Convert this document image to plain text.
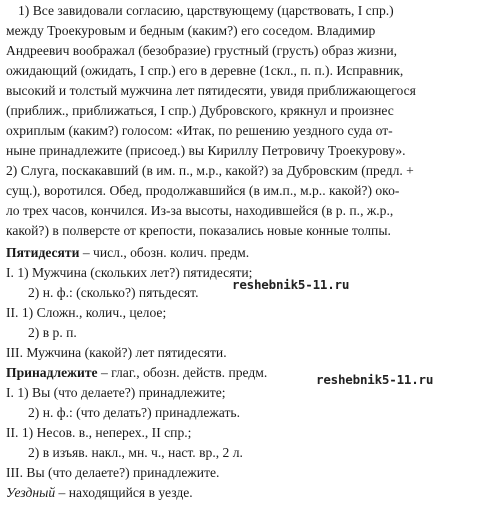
1) Все завидовали согласию, царствующему (царствовать, I спр.)
между Троекуровым и бедным (каким?) его соседом. Владимир
Андреевич воображал (безобразие) грустный (грусть) образ жизни,
ожидающий (ожидать, I спр.) его в деревне (1скл., п. п.). Исправник,
высокий и толстый мужчина лет пятидесяти, увидя приближающегося
(приближ., приближаться, I спр.) Дубровского, крякнул и произнес
охриплым (каким?) голосом: «Итак, по решению уездного суда от-
ныне принадлежите (присоед.) вы Кириллу Петровичу Троекурову».
2) Слуга, поскакавший (в им. п., м.р., какой?) за Дубровским (предл. +
сущ.), воротился. Обед, продолжавшийся (в им.п., м.р.. какой?) око-
ло трех часов, кончился. Из-за высоты, находившейся (в р. п., ж.р.,
какой?) в полверсте от крепости, показались новые конные толпы.
Пятидесяти – числ., обозн. колич. предм.
I. 1) Мужчина (скольких лет?) пятидесяти;
2) н. ф.: (сколько?) пятьдесят.
II. 1) Сложн., колич., целое;
2) в р. п.
III. Мужчина (какой?) лет пятидесяти.
Принадлежите – глаг., обозн. действ. предм.
I. 1) Вы (что делаете?) принадлежите;
2) н. ф.: (что делать?) принадлежать.
II. 1) Несов. в., неперех., II спр.;
2) в изъяв. накл., мн. ч., наст. вр., 2 л.
III. Вы (что делаете?) принадлежите.
Уездный – находящийся в уезде.
reshebnik5-11.ru
reshebnik5-11.ru
